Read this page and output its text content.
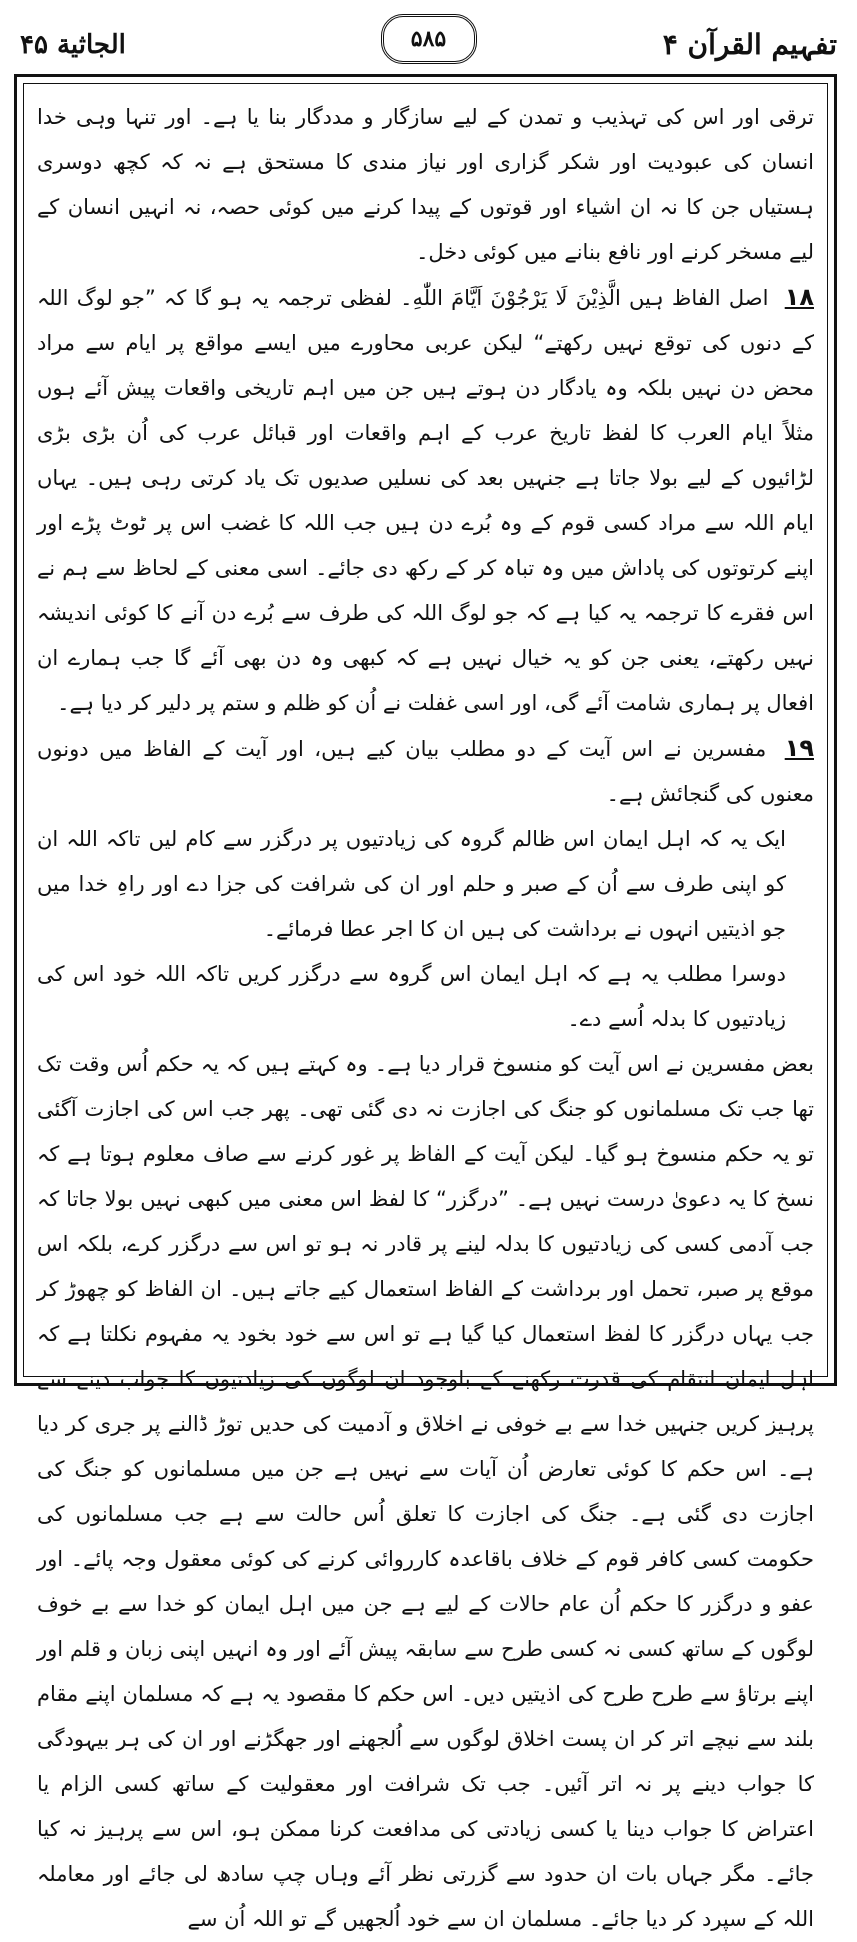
الجاثیة ۴۵	۵۸۵	تفہیم القرآن ۴

ترقی اور اس کی تہذیب و تمدن کے لیے سازگار و مددگار بنا یا ہے۔ اور تنہا وہی خدا انسان کی عبودیت اور شکر گزاری اور نیاز مندی کا مستحق ہے نہ کہ کچھ دوسری ہستیاں جن کا نہ ان اشیاء اور قوتوں کے پیدا کرنے میں کوئی حصہ، نہ انہیں انسان کے لیے مسخر کرنے اور نافع بنانے میں کوئی دخل۔

۱۸ اصل الفاظ ہیں الَّذِيْنَ لَا يَرْجُوْنَ اَيَّامَ اللّٰهِ۔ لفظی ترجمہ یہ ہو گا کہ ”جو لوگ اللہ کے دنوں کی توقع نہیں رکھتے“ لیکن عربی محاورے میں ایسے مواقع پر ایام سے مراد محض دن نہیں بلکہ وہ یادگار دن ہوتے ہیں جن میں اہم تاریخی واقعات پیش آئے ہوں مثلاً ایام العرب کا لفظ تاریخ عرب کے اہم واقعات اور قبائل عرب کی اُن بڑی بڑی لڑائیوں کے لیے بولا جاتا ہے جنہیں بعد کی نسلیں صدیوں تک یاد کرتی رہی ہیں۔ یہاں ایام اللہ سے مراد کسی قوم کے وہ بُرے دن ہیں جب اللہ کا غضب اس پر ٹوٹ پڑے اور اپنے کرتوتوں کی پاداش میں وہ تباہ کر کے رکھ دی جائے۔ اسی معنی کے لحاظ سے ہم نے اس فقرے کا ترجمہ یہ کیا ہے کہ جو لوگ اللہ کی طرف سے بُرے دن آنے کا کوئی اندیشہ نہیں رکھتے، یعنی جن کو یہ خیال نہیں ہے کہ کبھی وہ دن بھی آئے گا جب ہمارے ان افعال پر ہماری شامت آئے گی، اور اسی غفلت نے اُن کو ظلم و ستم پر دلیر کر دیا ہے۔

۱۹ مفسرین نے اس آیت کے دو مطلب بیان کیے ہیں، اور آیت کے الفاظ میں دونوں معنوں کی گنجائش ہے۔

ایک یہ کہ اہل ایمان اس ظالم گروہ کی زیادتیوں پر درگزر سے کام لیں تاکہ اللہ ان کو اپنی طرف سے اُن کے صبر و حلم اور ان کی شرافت کی جزا دے اور راہِ خدا میں جو اذیتیں انہوں نے برداشت کی ہیں ان کا اجر عطا فرمائے۔

دوسرا مطلب یہ ہے کہ اہل ایمان اس گروہ سے درگزر کریں تاکہ اللہ خود اس کی زیادتیوں کا بدلہ اُسے دے۔

بعض مفسرین نے اس آیت کو منسوخ قرار دیا ہے۔ وہ کہتے ہیں کہ یہ حکم اُس وقت تک تھا جب تک مسلمانوں کو جنگ کی اجازت نہ دی گئی تھی۔ پھر جب اس کی اجازت آگئی تو یہ حکم منسوخ ہو گیا۔ لیکن آیت کے الفاظ پر غور کرنے سے صاف معلوم ہوتا ہے کہ نسخ کا یہ دعویٰ درست نہیں ہے۔ ”درگزر“ کا لفظ اس معنی میں کبھی نہیں بولا جاتا کہ جب آدمی کسی کی زیادتیوں کا بدلہ لینے پر قادر نہ ہو تو اس سے درگزر کرے، بلکہ اس موقع پر صبر، تحمل اور برداشت کے الفاظ استعمال کیے جاتے ہیں۔ ان الفاظ کو چھوڑ کر جب یہاں درگزر کا لفظ استعمال کیا گیا ہے تو اس سے خود بخود یہ مفہوم نکلتا ہے کہ اہل ایمان انتقام کی قدرت رکھنے کے باوجود ان لوگوں کی زیادتیوں کا جواب دینے سے پرہیز کریں جنہیں خدا سے بے خوفی نے اخلاق و آدمیت کی حدیں توڑ ڈالنے پر جری کر دیا ہے۔ اس حکم کا کوئی تعارض اُن آیات سے نہیں ہے جن میں مسلمانوں کو جنگ کی اجازت دی گئی ہے۔ جنگ کی اجازت کا تعلق اُس حالت سے ہے جب مسلمانوں کی حکومت کسی کافر قوم کے خلاف باقاعدہ کارروائی کرنے کی کوئی معقول وجہ پائے۔ اور عفو و درگزر کا حکم اُن عام حالات کے لیے ہے جن میں اہل ایمان کو خدا سے بے خوف لوگوں کے ساتھ کسی نہ کسی طرح سے سابقہ پیش آئے اور وہ انہیں اپنی زبان و قلم اور اپنے برتاؤ سے طرح طرح کی اذیتیں دیں۔ اس حکم کا مقصود یہ ہے کہ مسلمان اپنے مقام بلند سے نیچے اتر کر ان پست اخلاق لوگوں سے اُلجھنے اور جھگڑنے اور ان کی ہر بیہودگی کا جواب دینے پر نہ اتر آئیں۔ جب تک شرافت اور معقولیت کے ساتھ کسی الزام یا اعتراض کا جواب دینا یا کسی زیادتی کی مدافعت کرنا ممکن ہو، اس سے پرہیز نہ کیا جائے۔ مگر جہاں بات ان حدود سے گزرتی نظر آئے وہاں چپ سادھ لی جائے اور معاملہ اللہ کے سپرد کر دیا جائے۔ مسلمان ان سے خود اُلجھیں گے تو اللہ اُن سے
